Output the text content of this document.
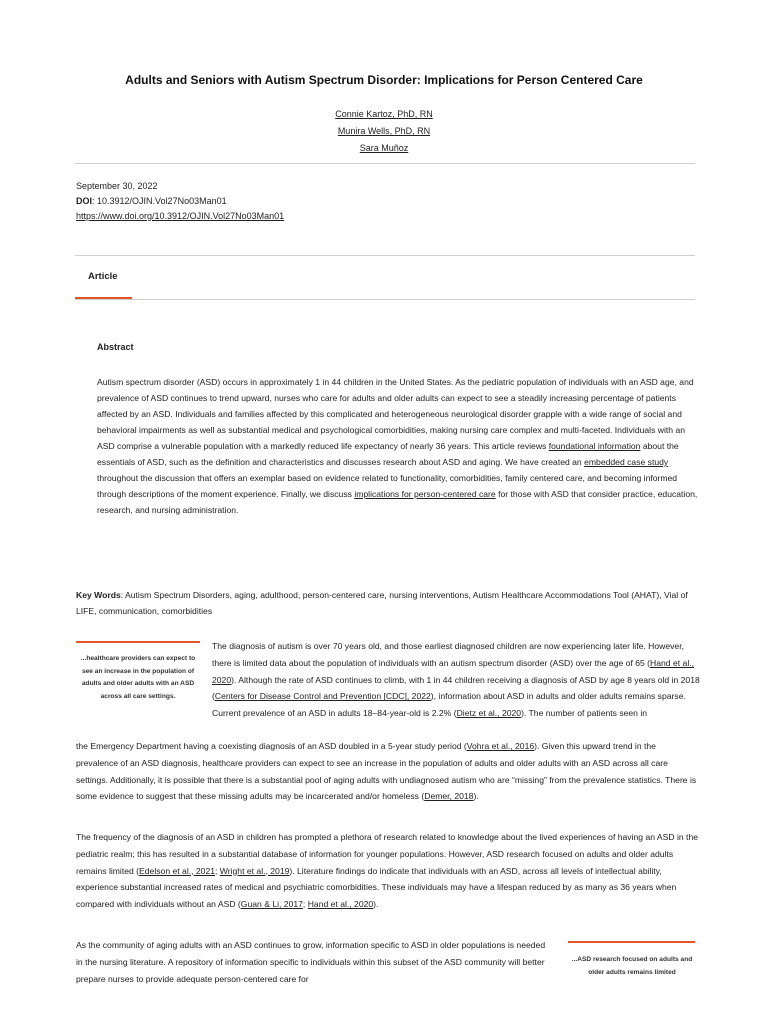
Adults and Seniors with Autism Spectrum Disorder: Implications for Person Centered Care
Connie Kartoz, PhD, RN
Munira Wells, PhD, RN
Sara Muñoz
September 30, 2022
DOI: 10.3912/OJIN.Vol27No03Man01
https://www.doi.org/10.3912/OJIN.Vol27No03Man01
Article
Abstract
Autism spectrum disorder (ASD) occurs in approximately 1 in 44 children in the United States. As the pediatric population of individuals with an ASD age, and prevalence of ASD continues to trend upward, nurses who care for adults and older adults can expect to see a steadily increasing percentage of patients affected by an ASD. Individuals and families affected by this complicated and heterogeneous neurological disorder grapple with a wide range of social and behavioral impairments as well as substantial medical and psychological comorbidities, making nursing care complex and multi-faceted. Individuals with an ASD comprise a vulnerable population with a markedly reduced life expectancy of nearly 36 years. This article reviews foundational information about the essentials of ASD, such as the definition and characteristics and discusses research about ASD and aging. We have created an embedded case study throughout the discussion that offers an exemplar based on evidence related to functionality, comorbidities, family centered care, and becoming informed through descriptions of the moment experience. Finally, we discuss implications for person-centered care for those with ASD that consider practice, education, research, and nursing administration.
Key Words: Autism Spectrum Disorders, aging, adulthood, person-centered care, nursing interventions, Autism Healthcare Accommodations Tool (AHAT), Vial of LIFE, communication, comorbidities
...healthcare providers can expect to see an increase in the population of adults and older adults with an ASD across all care settings.
The diagnosis of autism is over 70 years old, and those earliest diagnosed children are now experiencing later life. However, there is limited data about the population of individuals with an autism spectrum disorder (ASD) over the age of 65 (Hand et al., 2020). Although the rate of ASD continues to climb, with 1 in 44 children receiving a diagnosis of ASD by age 8 years old in 2018 (Centers for Disease Control and Prevention [CDC], 2022), information about ASD in adults and older adults remains sparse. Current prevalence of an ASD in adults 18–84-year-old is 2.2% (Dietz et al., 2020). The number of patients seen in
the Emergency Department having a coexisting diagnosis of an ASD doubled in a 5-year study period (Vohra et al., 2016). Given this upward trend in the prevalence of an ASD diagnosis, healthcare providers can expect to see an increase in the population of adults and older adults with an ASD across all care settings. Additionally, it is possible that there is a substantial pool of aging adults with undiagnosed autism who are “missing” from the prevalence statistics. There is some evidence to suggest that these missing adults may be incarcerated and/or homeless (Demer, 2018).
The frequency of the diagnosis of an ASD in children has prompted a plethora of research related to knowledge about the lived experiences of having an ASD in the pediatric realm; this has resulted in a substantial database of information for younger populations. However, ASD research focused on adults and older adults remains limited (Edelson et al., 2021; Wright et al., 2019). Literature findings do indicate that individuals with an ASD, across all levels of intellectual ability, experience substantial increased rates of medical and psychiatric comorbidities. These individuals may have a lifespan reduced by as many as 36 years when compared with individuals without an ASD (Guan & Li, 2017; Hand et al., 2020).
As the community of aging adults with an ASD continues to grow, information specific to ASD in older populations is needed in the nursing literature. A repository of information specific to individuals within this subset of the ASD community will better prepare nurses to provide adequate person-centered care for
...ASD research focused on adults and older adults remains limited
